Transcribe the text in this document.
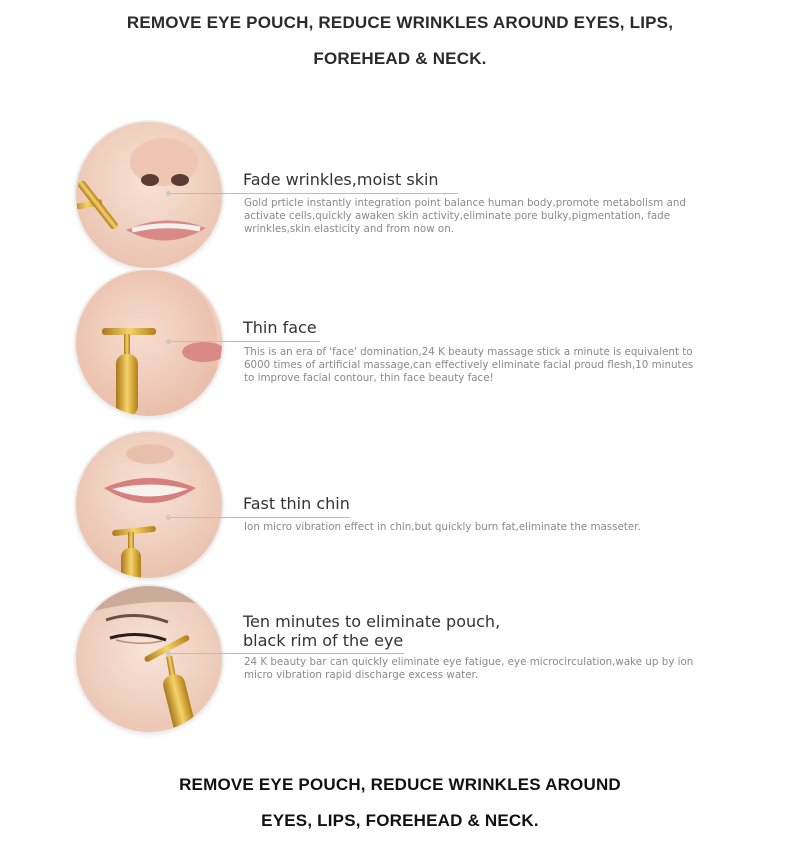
REMOVE EYE POUCH, REDUCE WRINKLES AROUND EYES, LIPS,
FOREHEAD & NECK.
Fade wrinkles,moist skin
Gold prticle instantly integration point balance human body,promote metabolism and activate cells,quickly awaken skin activity,eliminate pore bulky,pigmentation, fade wrinkles,skin elasticity and from now on.
Thin face
This is an era of 'face' domination,24 K beauty massage stick a minute is equivalent to 6000 times of artificial massage,can effectively eliminate facial proud flesh,10 minutes to improve facial contour, thin face beauty face!
Fast thin chin
Ion micro vibration effect in chin,but quickly burn fat,eliminate the masseter.
Ten minutes to eliminate pouch,
black rim of the eye
24 K beauty bar can quickly eliminate eye fatigue, eye microcirculation,wake up by ion micro vibration rapid discharge excess water.
REMOVE EYE POUCH, REDUCE WRINKLES AROUND
EYES, LIPS, FOREHEAD & NECK.
